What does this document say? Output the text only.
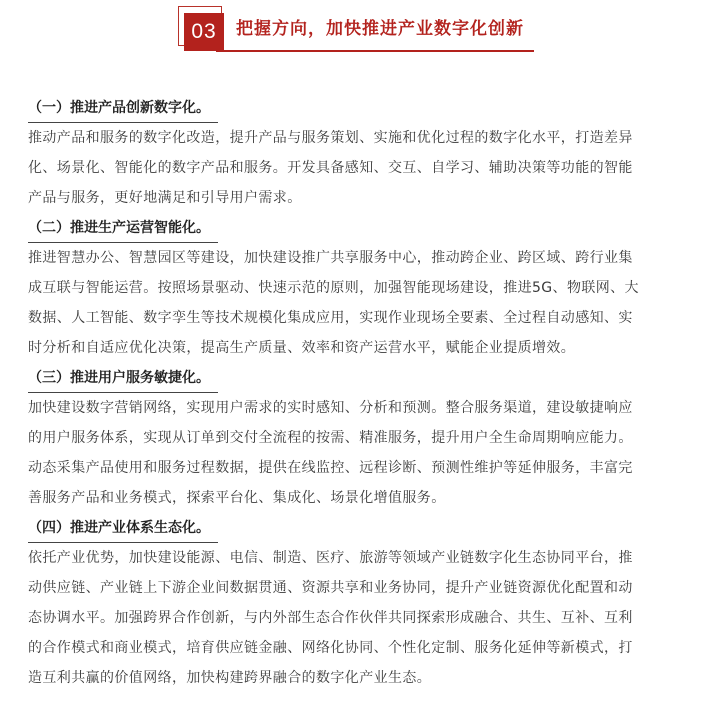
03	把握方向，加快推进产业数字化创新
（一）推进产品创新数字化。

推动产品和服务的数字化改造，提升产品与服务策划、实施和优化过程的数字化水平，打造差异
化、场景化、智能化的数字产品和服务。开发具备感知、交互、自学习、辅助决策等功能的智能
产品与服务，更好地满足和引导用户需求。

（二）推进生产运营智能化。

推进智慧办公、智慧园区等建设，加快建设推广共享服务中心，推动跨企业、跨区域、跨行业集
成互联与智能运营。按照场景驱动、快速示范的原则，加强智能现场建设，推进5G、物联网、大
数据、人工智能、数字孪生等技术规模化集成应用，实现作业现场全要素、全过程自动感知、实
时分析和自适应优化决策，提高生产质量、效率和资产运营水平，赋能企业提质增效。

（三）推进用户服务敏捷化。

加快建设数字营销网络，实现用户需求的实时感知、分析和预测。整合服务渠道，建设敏捷响应
的用户服务体系，实现从订单到交付全流程的按需、精准服务，提升用户全生命周期响应能力。
动态采集产品使用和服务过程数据，提供在线监控、远程诊断、预测性维护等延伸服务，丰富完
善服务产品和业务模式，探索平台化、集成化、场景化增值服务。

（四）推进产业体系生态化。

依托产业优势，加快建设能源、电信、制造、医疗、旅游等领域产业链数字化生态协同平台，推
动供应链、产业链上下游企业间数据贯通、资源共享和业务协同，提升产业链资源优化配置和动
态协调水平。加强跨界合作创新，与内外部生态合作伙伴共同探索形成融合、共生、互补、互利
的合作模式和商业模式，培育供应链金融、网络化协同、个性化定制、服务化延伸等新模式，打
造互利共赢的价值网络，加快构建跨界融合的数字化产业生态。
